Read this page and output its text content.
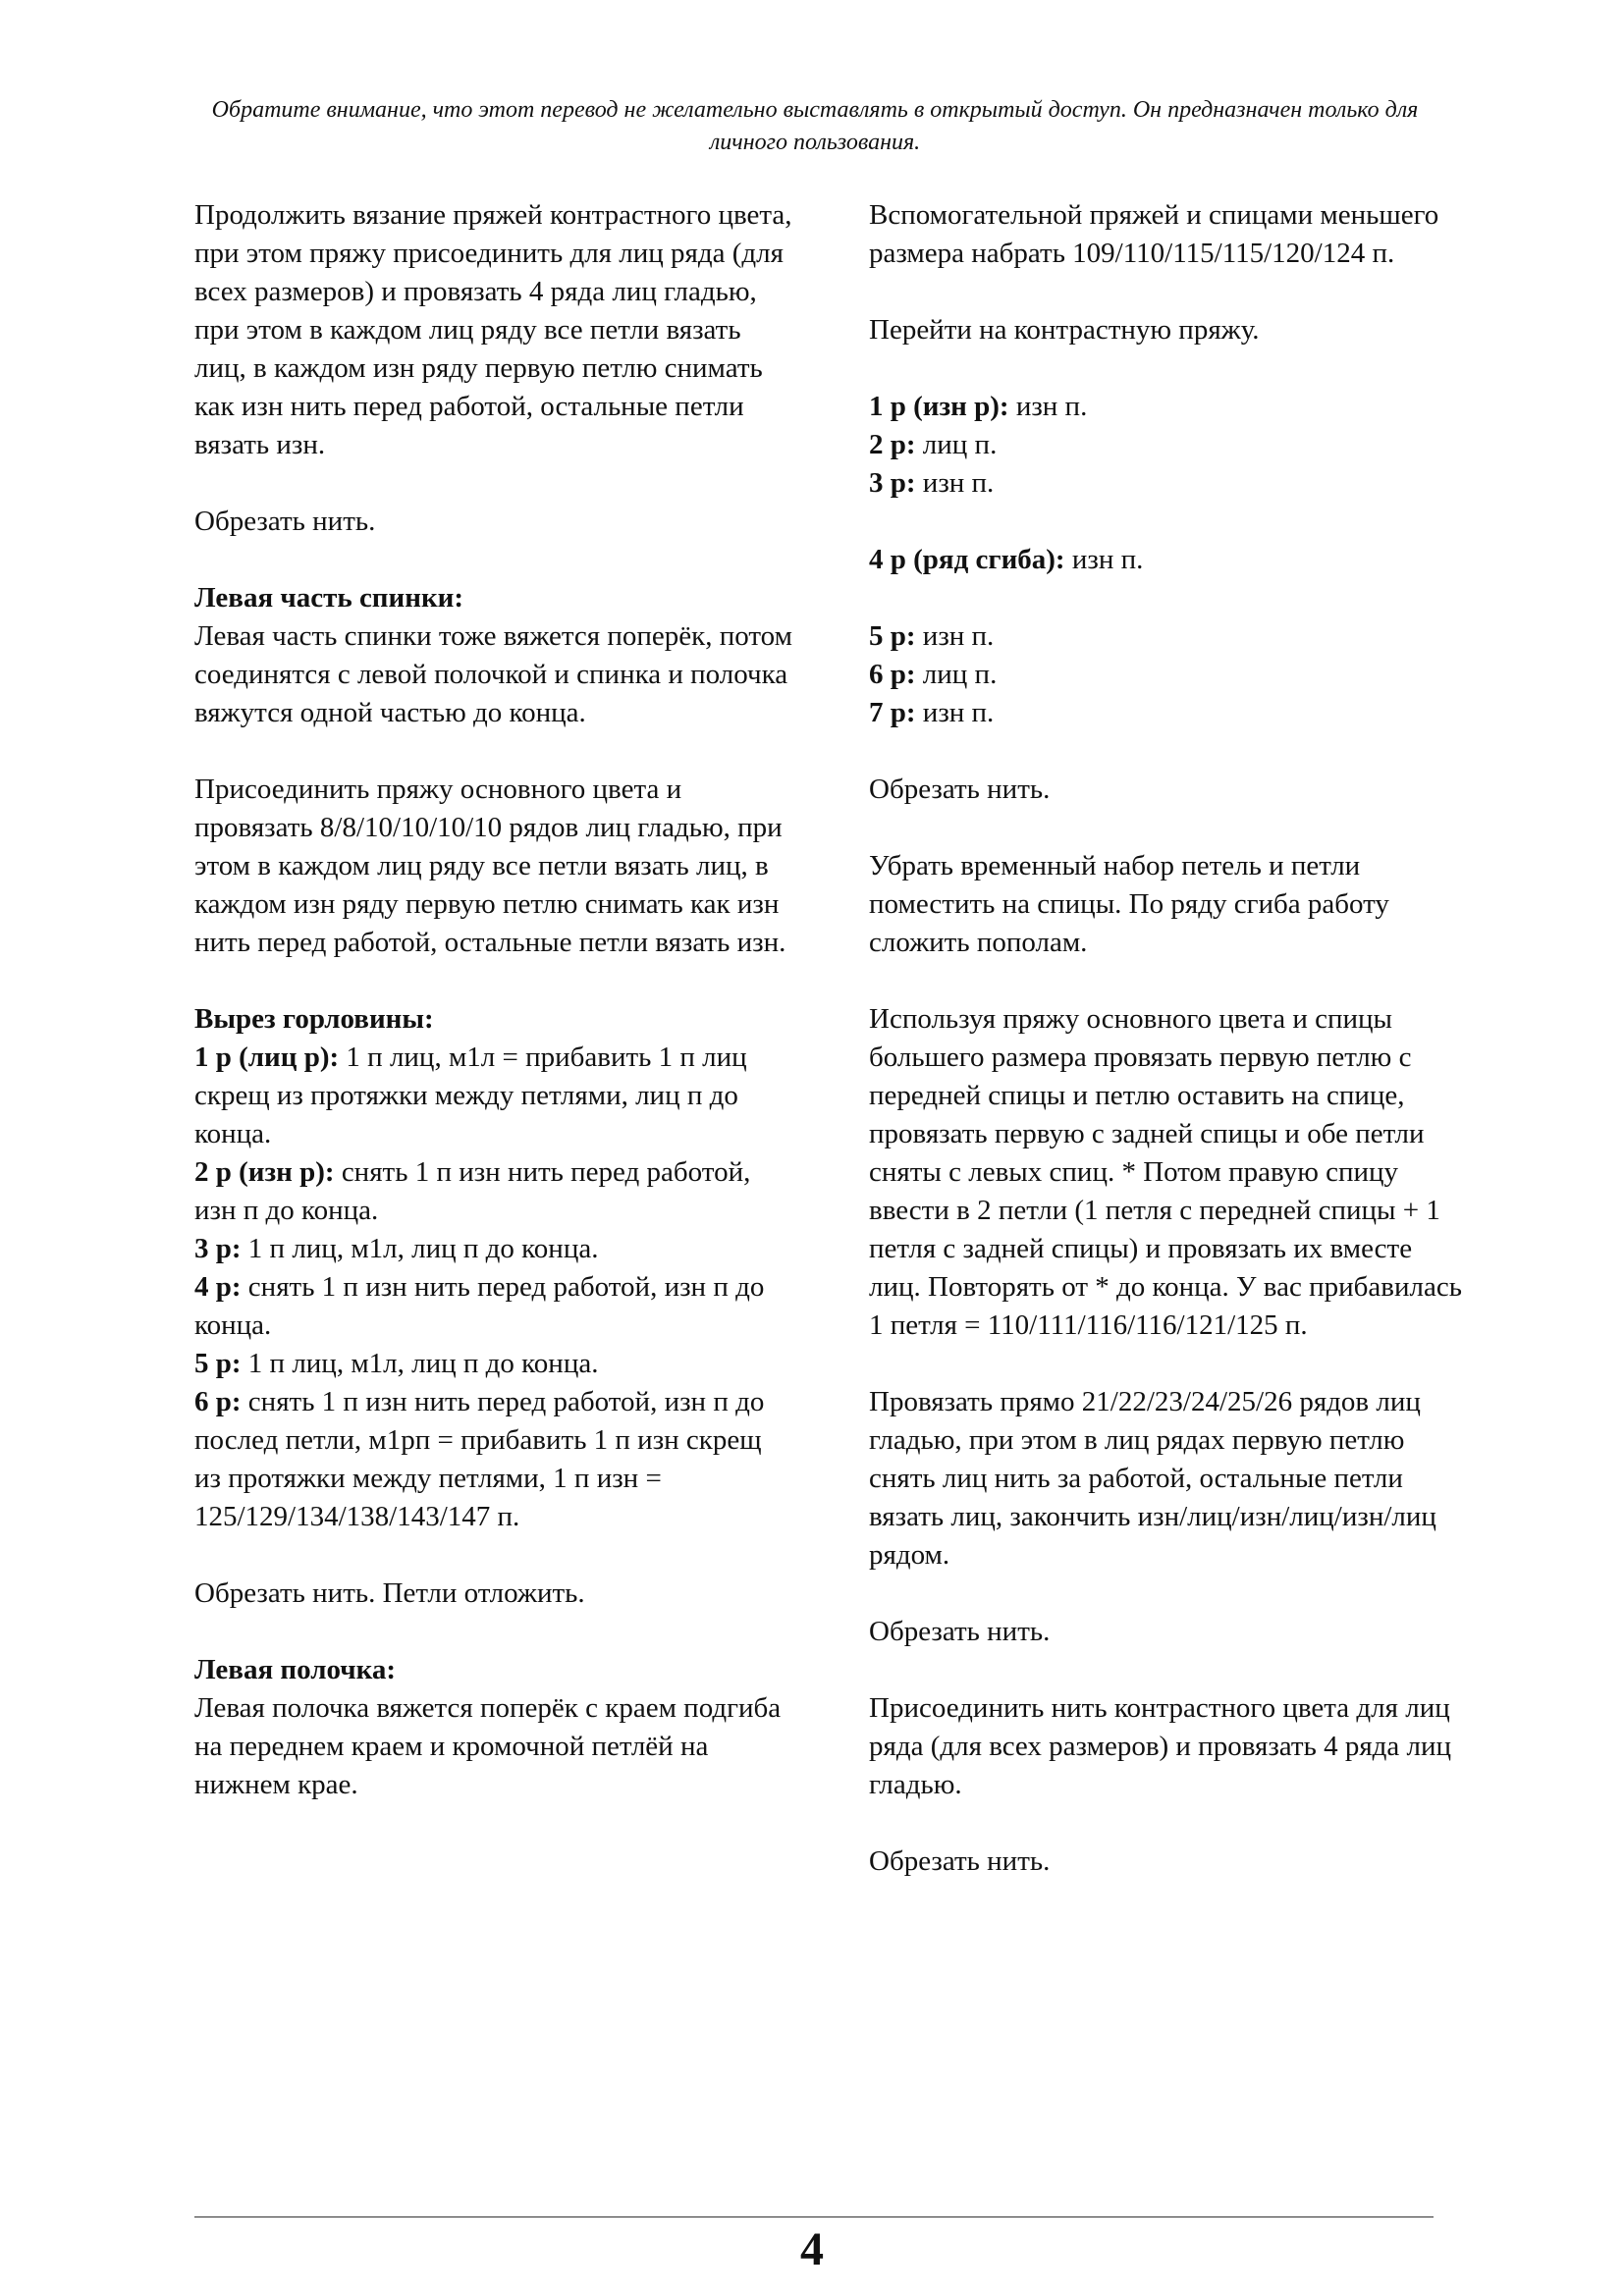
Обратите внимание, что этот перевод не желательно выставлять в открытый доступ. Он предназначен только для личного пользования.

Продолжить вязание пряжей контрастного цвета, при этом пряжу присоединить для лиц ряда (для всех размеров) и провязать 4 ряда лиц гладью, при этом в каждом лиц ряду все петли вязать лиц, в каждом изн ряду первую петлю снимать как изн нить перед работой, остальные петли вязать изн.

Обрезать нить.

Левая часть спинки:
Левая часть спинки тоже вяжется поперёк, потом соединятся с левой полочкой и спинка и полочка вяжутся одной частью до конца.

Присоединить пряжу основного цвета и провязать 8/8/10/10/10/10 рядов лиц гладью, при этом в каждом лиц ряду все петли вязать лиц, в каждом изн ряду первую петлю снимать как изн нить перед работой, остальные петли вязать изн.

Вырез горловины:
1 р (лиц р): 1 п лиц, м1л = прибавить 1 п лиц скрещ из протяжки между петлями, лиц п до конца.
2 р (изн р): снять 1 п изн нить перед работой, изн п до конца.
3 р: 1 п лиц, м1л, лиц п до конца.
4 р: снять 1 п изн нить перед работой, изн п до конца.
5 р: 1 п лиц, м1л, лиц п до конца.
6 р: снять 1 п изн нить перед работой, изн п до послед петли, м1рп = прибавить 1 п изн скрещ из протяжки между петлями, 1 п изн = 125/129/134/138/143/147 п.

Обрезать нить. Петли отложить.

Левая полочка:
Левая полочка вяжется поперёк с краем подгиба на переднем краем и кромочной петлёй на нижнем крае.

Вспомогательной пряжей и спицами меньшего размера набрать 109/110/115/115/120/124 п.

Перейти на контрастную пряжу.

1 р (изн р): изн п.
2 р: лиц п.
3 р: изн п.

4 р (ряд сгиба): изн п.

5 р: изн п.
6 р: лиц п.
7 р: изн п.

Обрезать нить.

Убрать временный набор петель и петли поместить на спицы. По ряду сгиба работу сложить пополам.

Используя пряжу основного цвета и спицы большего размера провязать первую петлю с передней спицы и петлю оставить на спице, провязать первую с задней спицы и обе петли сняты с левых спиц. * Потом правую спицу ввести в 2 петли (1 петля с передней спицы + 1 петля с задней спицы) и провязать их вместе лиц. Повторять от * до конца. У вас прибавилась 1 петля = 110/111/116/116/121/125 п.

Провязать прямо 21/22/23/24/25/26 рядов лиц гладью, при этом в лиц рядах первую петлю снять лиц нить за работой, остальные петли вязать лиц, закончить изн/лиц/изн/лиц/изн/лиц рядом.

Обрезать нить.

Присоединить нить контрастного цвета для лиц ряда (для всех размеров) и провязать 4 ряда лиц гладью.

Обрезать нить.

4
